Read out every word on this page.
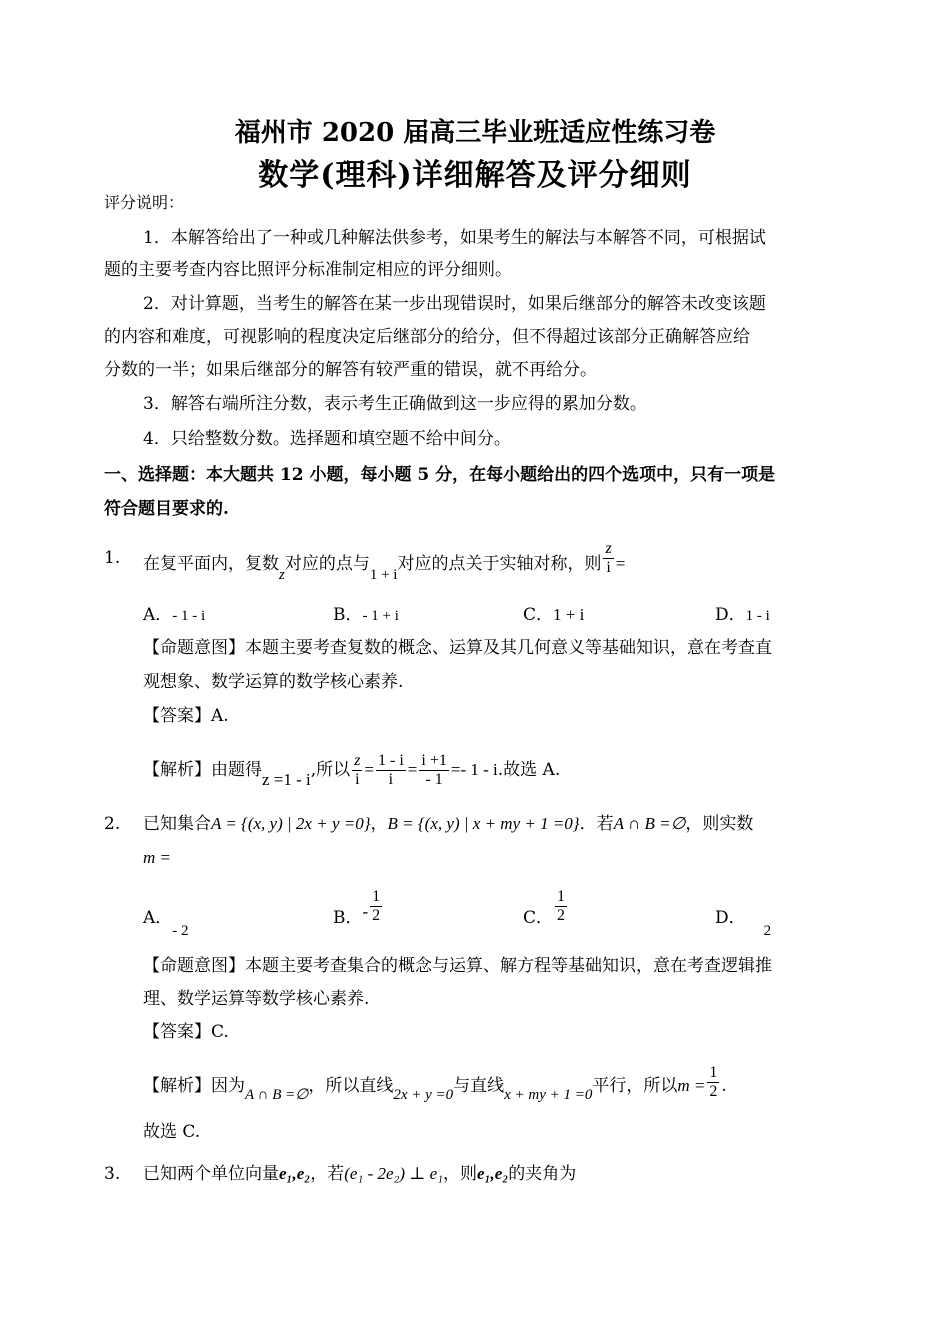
福州市 2020 届高三毕业班适应性练习卷
数学(理科)详细解答及评分细则
评分说明：
1．本解答给出了一种或几种解法供参考，如果考生的解法与本解答不同，可根据试
题的主要考查内容比照评分标准制定相应的评分细则。
2．对计算题，当考生的解答在某一步出现错误时，如果后继部分的解答未改变该题
的内容和难度，可视影响的程度决定后继部分的给分，但不得超过该部分正确解答应给
分数的一半；如果后继部分的解答有较严重的错误，就不再给分。
3．解答右端所注分数，表示考生正确做到这一步应得的累加分数。
4．只给整数分数。选择题和填空题不给中间分。
一、选择题：本大题共 12 小题，每小题 5 分，在每小题给出的四个选项中，只有一项是
符合题目要求的.
1. 在复平面内，复数z对应的点与1 + i对应的点关于实轴对称，则 $\frac{z}{i}$ =
A．- 1 - i	B．- 1 + i	C．1 + i	D．1 - i
【命题意图】本题主要考查复数的概念、运算及其几何意义等基础知识，意在考查直
观想象、数学运算的数学核心素养.
【答案】A.
【解析】由题得z =1 - i,所以 $\frac{z}{i} = \frac{1 - i}{i} = \frac{i +1}{- 1} =- 1 - i$.故选 A.
2. 已知集合A = {(x, y) | 2x + y =0}，B = {(x, y) | x + my + 1 =0}．若A ∩ B =∅，则实数
m =
A．- 2
B．- $\frac{1}{2}$	C． $\frac{1}{2}$	D．2
【命题意图】本题主要考查集合的概念与运算、解方程等基础知识，意在考查逻辑推
理、数学运算等数学核心素养.
【答案】C.
【解析】因为A ∩ B =∅，所以直线2x + y =0与直线x + my + 1 =0平行，所以$m = \frac{1}{2}$ .
故选 C.
3. 已知两个单位向量e₁,e₂，若(e₁ - 2e₂) ⊥ e₁，则e₁,e₂的夹角为
